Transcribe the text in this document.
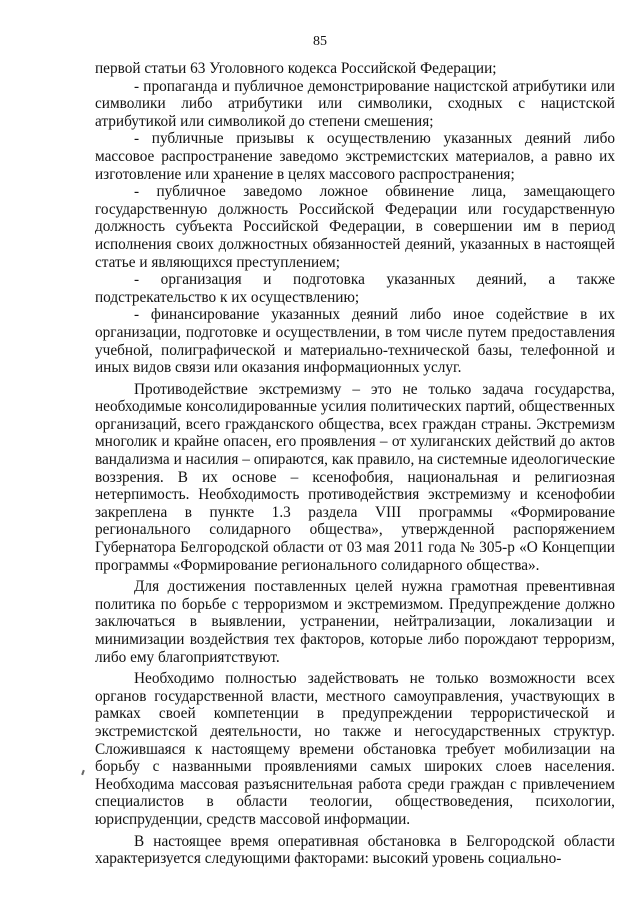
85

первой статьи 63 Уголовного кодекса Российской Федерации;

- пропаганда и публичное демонстрирование нацистской атрибутики или символики либо атрибутики или символики, сходных с нацистской атрибутикой или символикой до степени смешения;

- публичные призывы к осуществлению указанных деяний либо массовое распространение заведомо экстремистских материалов, а равно их изготовление или хранение в целях массового распространения;

- публичное заведомо ложное обвинение лица, замещающего государственную должность Российской Федерации или государственную должность субъекта Российской Федерации, в совершении им в период исполнения своих должностных обязанностей деяний, указанных в настоящей статье и являющихся преступлением;

- организация и подготовка указанных деяний, а также подстрекательство к их осуществлению;

- финансирование указанных деяний либо иное содействие в их организации, подготовке и осуществлении, в том числе путем предоставления учебной, полиграфической и материально-технической базы, телефонной и иных видов связи или оказания информационных услуг.

Противодействие экстремизму – это не только задача государства, необходимые консолидированные усилия политических партий, общественных организаций, всего гражданского общества, всех граждан страны. Экстремизм многолик и крайне опасен, его проявления – от хулиганских действий до актов вандализма и насилия – опираются, как правило, на системные идеологические воззрения. В их основе – ксенофобия, национальная и религиозная нетерпимость. Необходимость противодействия экстремизму и ксенофобии закреплена в пункте 1.3 раздела VIII программы «Формирование регионального солидарного общества», утвержденной распоряжением Губернатора Белгородской области от 03 мая 2011 года № 305-р «О Концепции программы «Формирование регионального солидарного общества».

Для достижения поставленных целей нужна грамотная превентивная политика по борьбе с терроризмом и экстремизмом. Предупреждение должно заключаться в выявлении, устранении, нейтрализации, локализации и минимизации воздействия тех факторов, которые либо порождают терроризм, либо ему благоприятствуют.

Необходимо полностью задействовать не только возможности всех органов государственной власти, местного самоуправления, участвующих в рамках своей компетенции в предупреждении террористической и экстремистской деятельности, но также и негосударственных структур. Сложившаяся к настоящему времени обстановка требует мобилизации на борьбу с названными проявлениями самых широких слоев населения. Необходима массовая разъяснительная работа среди граждан с привлечением специалистов в области теологии, обществоведения, психологии, юриспруденции, средств массовой информации.

В настоящее время оперативная обстановка в Белгородской области характеризуется следующими факторами: высокий уровень социально-
